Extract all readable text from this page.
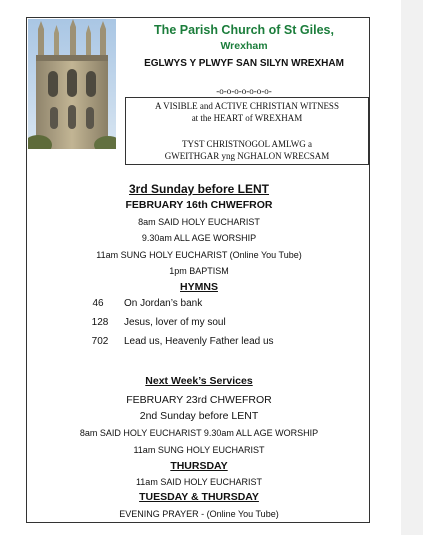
The Parish Church of St Giles,
Wrexham
EGLWYS Y PLWYF SAN SILYN WREXHAM
-o-o-o-o-o-o-o-
A VISIBLE and ACTIVE CHRISTIAN WITNESS
at the HEART of WREXHAM
TYST CHRISTNOGOL AMLWG a
GWEITHGAR yng NGHALON WRECSAM
3rd Sunday before LENT
FEBRUARY 16th CHWEFROR
8am SAID HOLY EUCHARIST
9.30am ALL AGE WORSHIP
11am SUNG HOLY EUCHARIST (Online You Tube)
1pm BAPTISM
HYMNS
46	On Jordan’s bank
128	Jesus, lover of my soul
702	Lead us, Heavenly Father lead us
Next Week’s Services
FEBRUARY 23rd CHWEFROR
2nd Sunday before LENT
8am SAID HOLY EUCHARIST 9.30am ALL AGE WORSHIP
11am SUNG HOLY EUCHARIST
THURSDAY
11am SAID HOLY EUCHARIST
TUESDAY & THURSDAY
EVENING PRAYER - (Online You Tube)
